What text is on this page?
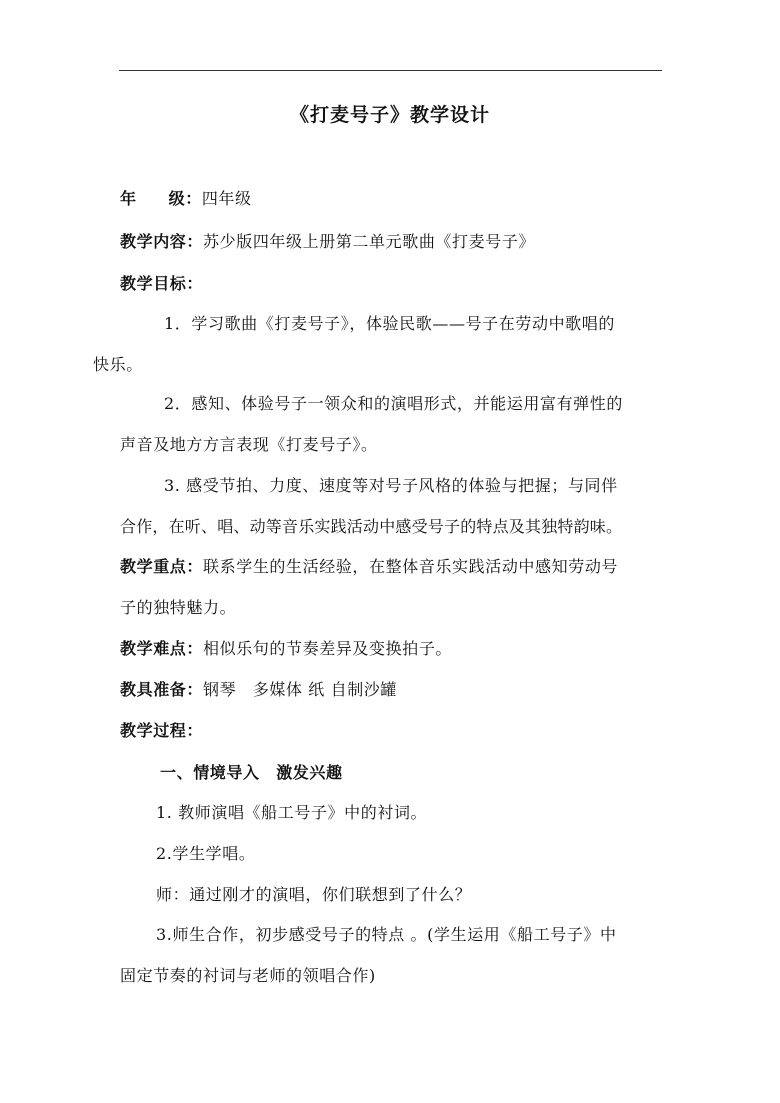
《打麦号子》教学设计
年 级：四年级
教学内容：苏少版四年级上册第二单元歌曲《打麦号子》
教学目标：
1．学习歌曲《打麦号子》，体验民歌——号子在劳动中歌唱的
快乐。
2．感知、体验号子一领众和的演唱形式，并能运用富有弹性的
声音及地方方言表现《打麦号子》。
3. 感受节拍、力度、速度等对号子风格的体验与把握；与同伴
合作，在听、唱、动等音乐实践活动中感受号子的特点及其独特韵味。
教学重点：联系学生的生活经验，在整体音乐实践活动中感知劳动号
子的独特魅力。
教学难点：相似乐句的节奏差异及变换拍子。
教具准备：钢琴　多媒体 纸 自制沙罐
教学过程：
一、情境导入　激发兴趣
1. 教师演唱《船工号子》中的衬词。
2.学生学唱。
师：通过刚才的演唱，你们联想到了什么？
3.师生合作，初步感受号子的特点 。(学生运用《船工号子》中
固定节奏的衬词与老师的领唱合作)
